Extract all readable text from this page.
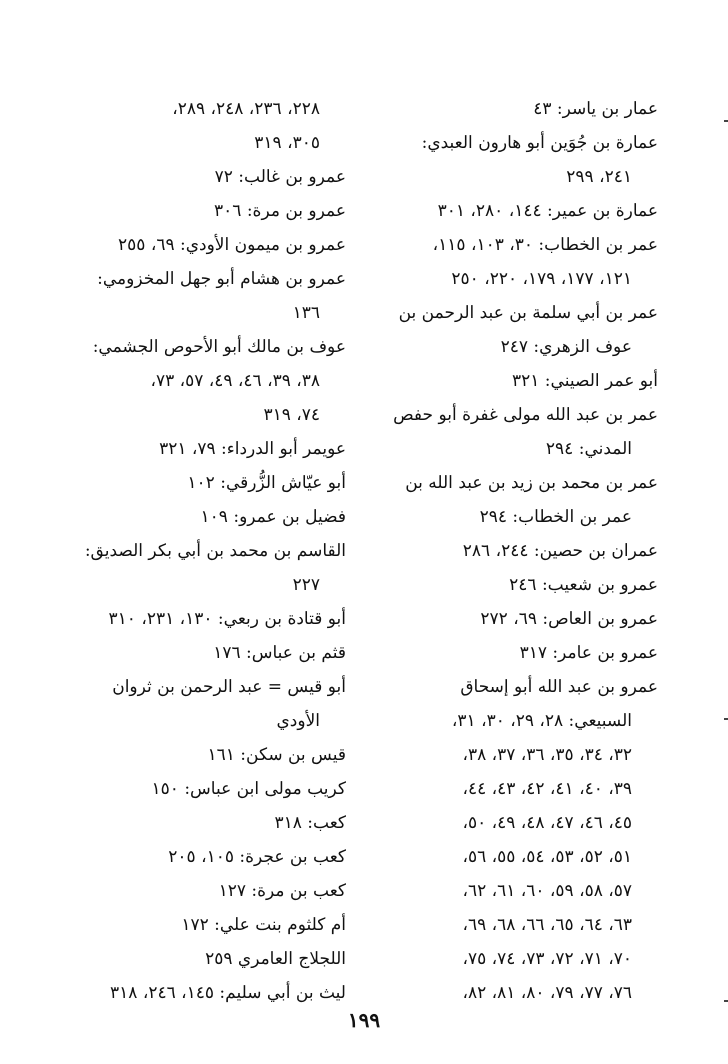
عمار بن ياسر: ٤٣
عمارة بن جُوَين أبو هارون العبدي:
٢٤١، ٢٩٩
عمارة بن عمير: ١٤٤، ٢٨٠، ٣٠١
عمر بن الخطاب: ٣٠، ١٠٣، ١١٥،
١٢١، ١٧٧، ١٧٩، ٢٢٠، ٢٥٠
عمر بن أبي سلمة بن عبد الرحمن بن
عوف الزهري: ٢٤٧
أبو عمر الصيني: ٣٢١
عمر بن عبد الله مولى غفرة أبو حفص
المدني: ٢٩٤
عمر بن محمد بن زيد بن عبد الله بن
عمر بن الخطاب: ٢٩٤
عمران بن حصين: ٢٤٤، ٢٨٦
عمرو بن شعيب: ٢٤٦
عمرو بن العاص: ٦٩، ٢٧٢
عمرو بن عامر: ٣١٧
عمرو بن عبد الله أبو إسحاق
السبيعي: ٢٨، ٢٩، ٣٠، ٣١،
٣٢، ٣٤، ٣٥، ٣٦، ٣٧، ٣٨،
٣٩، ٤٠، ٤١، ٤٢، ٤٣، ٤٤،
٤٥، ٤٦، ٤٧، ٤٨، ٤٩، ٥٠،
٥١، ٥٢، ٥٣، ٥٤، ٥٥، ٥٦،
٥٧، ٥٨، ٥٩، ٦٠، ٦١، ٦٢،
٦٣، ٦٤، ٦٥، ٦٦، ٦٨، ٦٩،
٧٠، ٧١، ٧٢، ٧٣، ٧٤، ٧٥،
٧٦، ٧٧، ٧٩، ٨٠، ٨١، ٨٢،
٢٢٨، ٢٣٦، ٢٤٨، ٢٨٩،
٣٠٥، ٣١٩
عمرو بن غالب: ٧٢
عمرو بن مرة: ٣٠٦
عمرو بن ميمون الأودي: ٦٩، ٢٥٥
عمرو بن هشام أبو جهل المخزومي:
١٣٦
عوف بن مالك أبو الأحوص الجشمي:
٣٨، ٣٩، ٤٦، ٤٩، ٥٧، ٧٣،
٧٤، ٣١٩
عويمر أبو الدرداء: ٧٩، ٣٢١
أبو عيّاش الزُّرقي: ١٠٢
فضيل بن عمرو: ١٠٩
القاسم بن محمد بن أبي بكر الصديق:
٢٢٧
أبو قتادة بن ربعي: ١٣٠، ٢٣١، ٣١٠
قثم بن عباس: ١٧٦
أبو قيس = عبد الرحمن بن ثروان
الأودي
قيس بن سكن: ١٦١
كريب مولى ابن عباس: ١٥٠
كعب: ٣١٨
كعب بن عجرة: ١٠٥، ٢٠٥
كعب بن مرة: ١٢٧
أم كلثوم بنت علي: ١٧٢
اللجلاج العامري ٢٥٩
ليث بن أبي سليم: ١٤٥، ٢٤٦، ٣١٨
١٩٩
